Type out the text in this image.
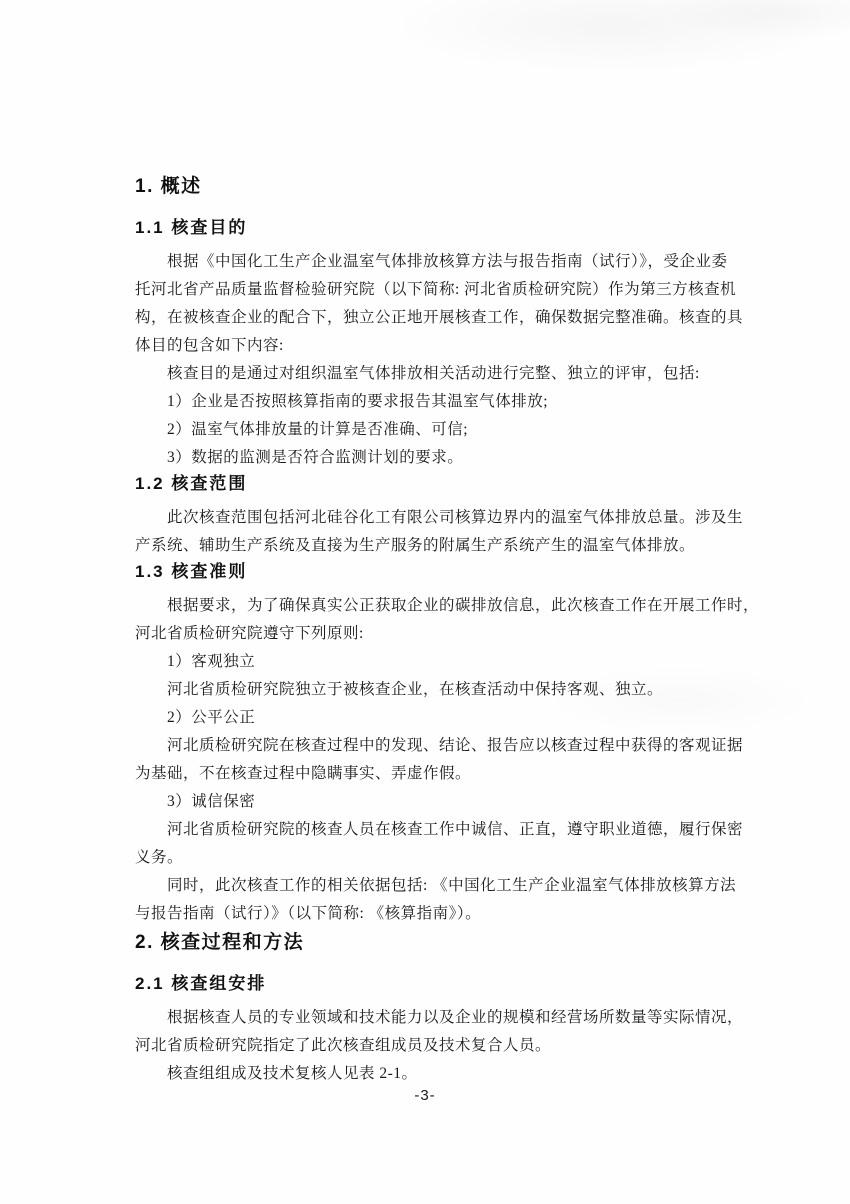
1. 概述
1.1 核查目的
根据《中国化工生产企业温室气体排放核算方法与报告指南（试行）》，受企业委
托河北省产品质量监督检验研究院（以下简称: 河北省质检研究院）作为第三方核查机
构，在被核查企业的配合下，独立公正地开展核查工作，确保数据完整准确。核查的具
体目的包含如下内容:
核查目的是通过对组织温室气体排放相关活动进行完整、独立的评审，包括:
1）企业是否按照核算指南的要求报告其温室气体排放;
2）温室气体排放量的计算是否准确、可信;
3）数据的监测是否符合监测计划的要求。
1.2 核查范围
此次核查范围包括河北硅谷化工有限公司核算边界内的温室气体排放总量。涉及生
产系统、辅助生产系统及直接为生产服务的附属生产系统产生的温室气体排放。
1.3 核查准则
根据要求，为了确保真实公正获取企业的碳排放信息，此次核查工作在开展工作时，
河北省质检研究院遵守下列原则:
1）客观独立
河北省质检研究院独立于被核查企业，在核查活动中保持客观、独立。
2）公平公正
河北质检研究院在核查过程中的发现、结论、报告应以核查过程中获得的客观证据
为基础，不在核查过程中隐瞒事实、弄虚作假。
3）诚信保密
河北省质检研究院的核查人员在核查工作中诚信、正直，遵守职业道德，履行保密
义务。
同时，此次核查工作的相关依据包括: 《中国化工生产企业温室气体排放核算方法
与报告指南（试行）》（以下简称: 《核算指南》）。
2. 核查过程和方法
2.1 核查组安排
根据核查人员的专业领域和技术能力以及企业的规模和经营场所数量等实际情况，
河北省质检研究院指定了此次核查组成员及技术复合人员。
核查组组成及技术复核人见表 2-1。
-3-
